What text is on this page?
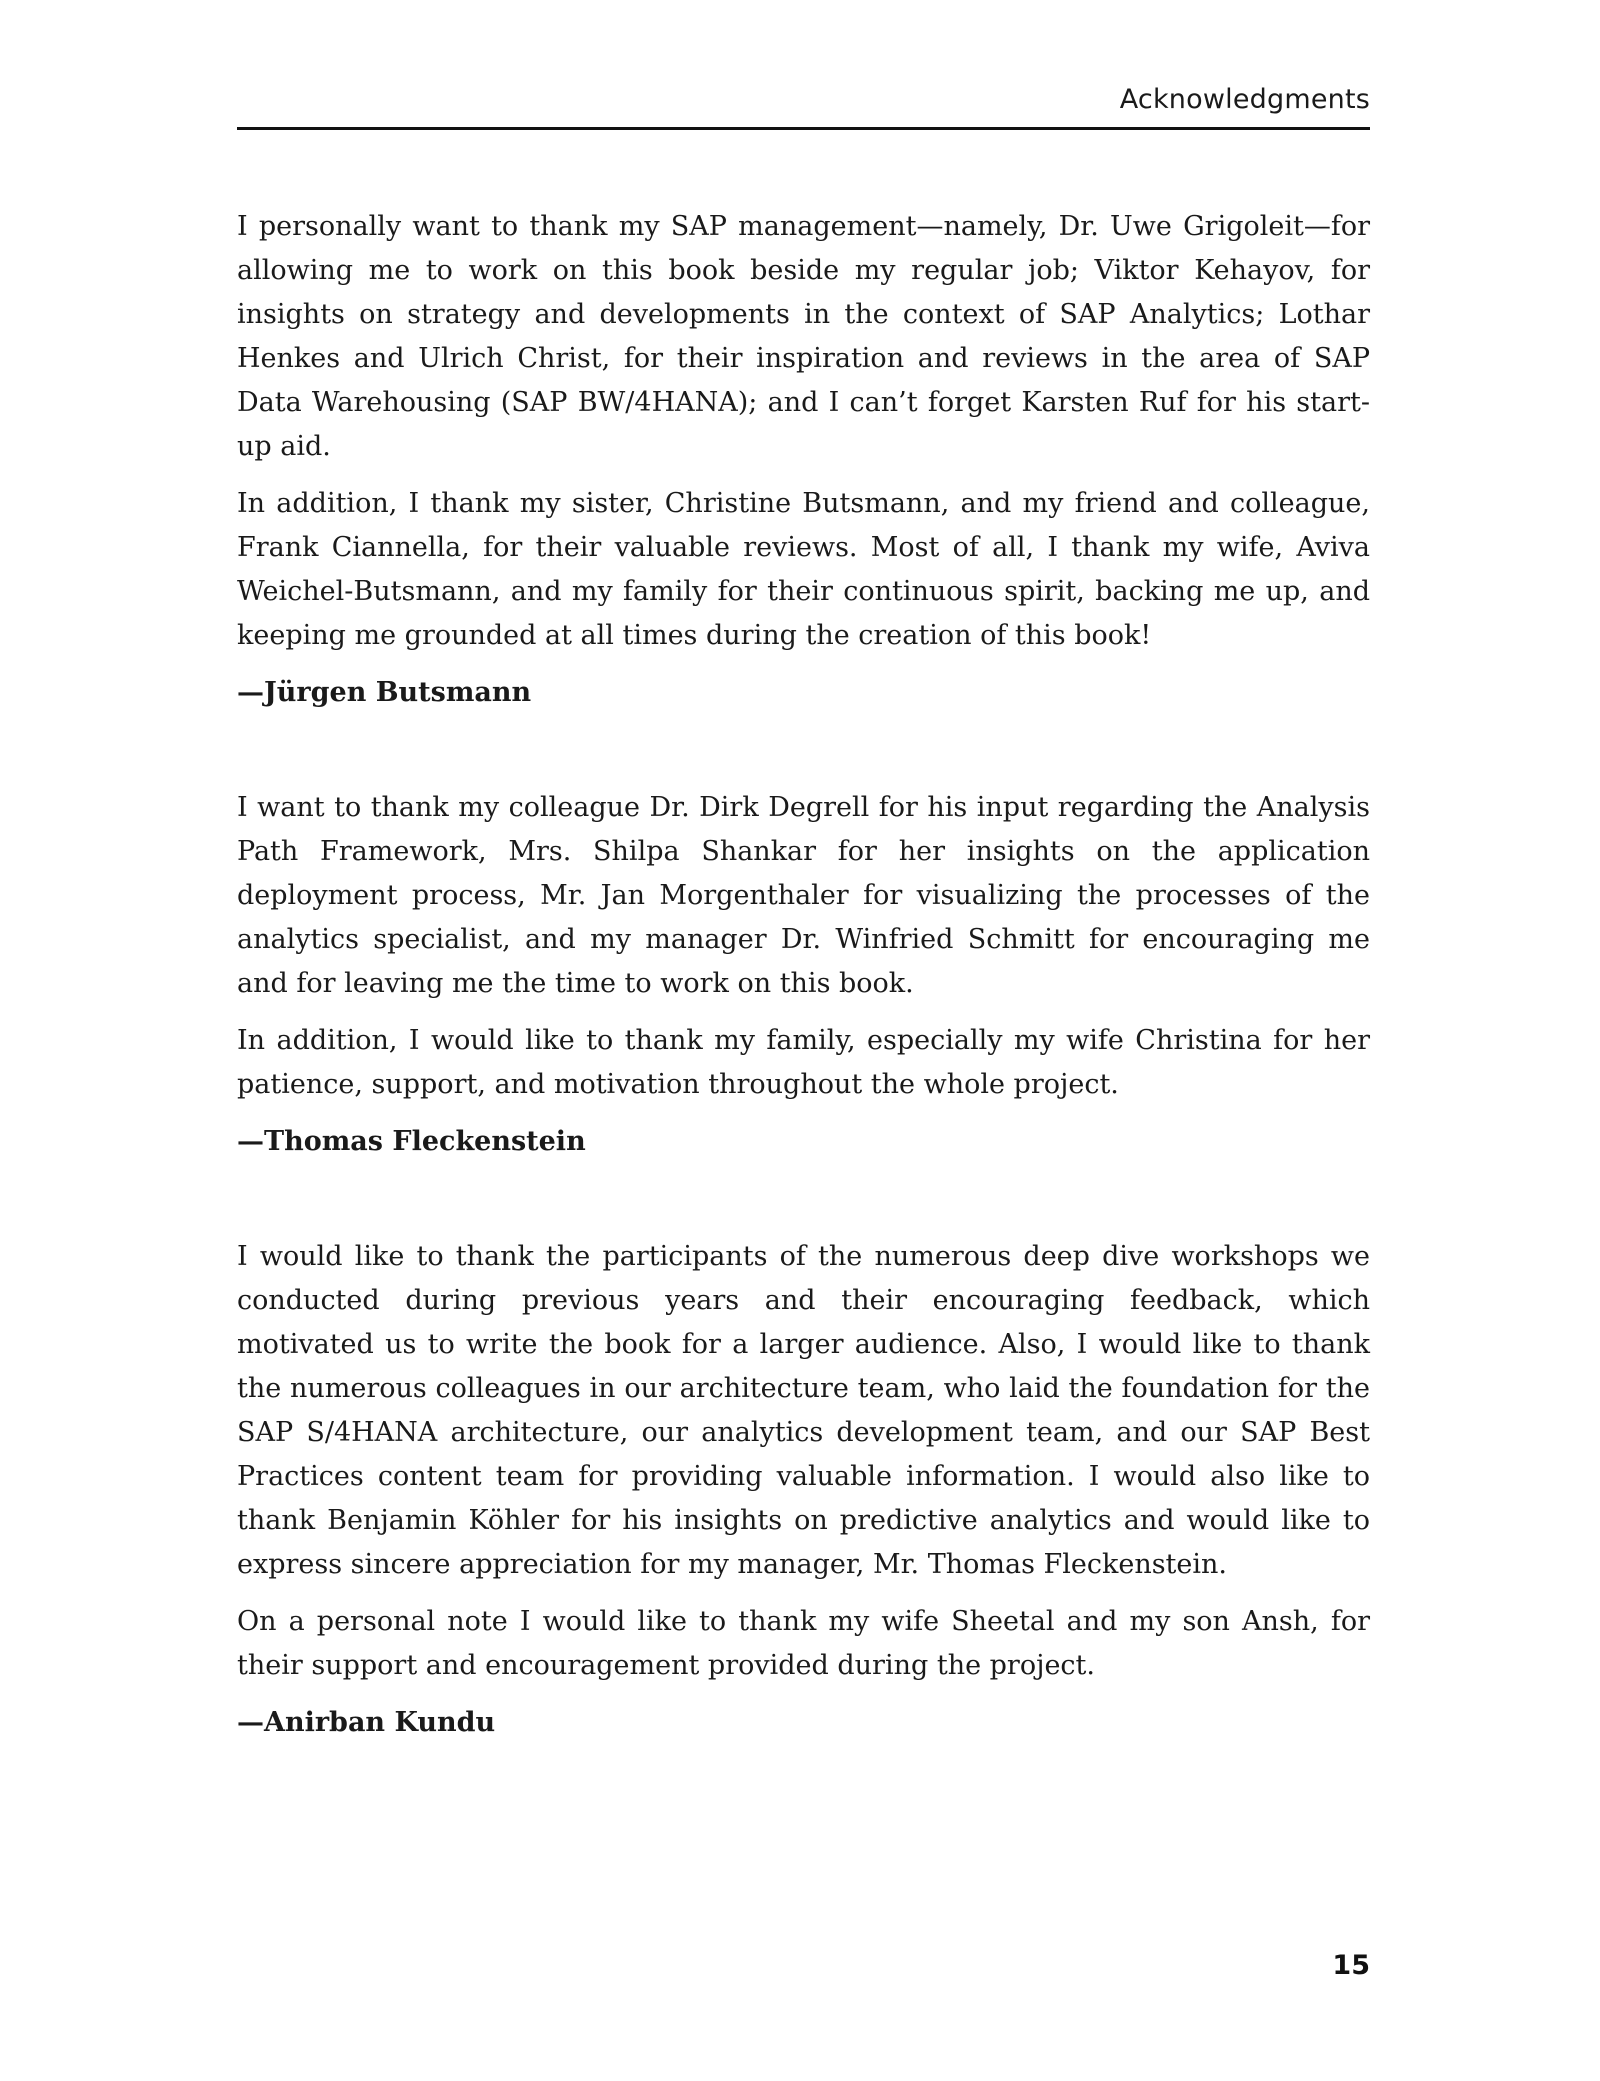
Acknowledgments

I personally want to thank my SAP management—namely, Dr. Uwe Grigoleit—for allowing me to work on this book beside my regular job; Viktor Kehayov, for insights on strategy and developments in the context of SAP Analytics; Lothar Henkes and Ulrich Christ, for their inspiration and reviews in the area of SAP Data Warehousing (SAP BW/4HANA); and I can’t forget Karsten Ruf for his start-up aid.

In addition, I thank my sister, Christine Butsmann, and my friend and colleague, Frank Ciannella, for their valuable reviews. Most of all, I thank my wife, Aviva Weichel-Butsmann, and my family for their continuous spirit, backing me up, and keeping me grounded at all times during the creation of this book!

—Jürgen Butsmann

I want to thank my colleague Dr. Dirk Degrell for his input regarding the Analysis Path Framework, Mrs. Shilpa Shankar for her insights on the application deployment process, Mr. Jan Morgenthaler for visualizing the processes of the analytics specialist, and my manager Dr. Winfried Schmitt for encouraging me and for leaving me the time to work on this book.

In addition, I would like to thank my family, especially my wife Christina for her patience, support, and motivation throughout the whole project.

—Thomas Fleckenstein

I would like to thank the participants of the numerous deep dive workshops we conducted during previous years and their encouraging feedback, which motivated us to write the book for a larger audience. Also, I would like to thank the numerous colleagues in our architecture team, who laid the foundation for the SAP S/4HANA architecture, our analytics development team, and our SAP Best Practices content team for providing valuable information. I would also like to thank Benjamin Köhler for his insights on predictive analytics and would like to express sincere appreciation for my manager, Mr. Thomas Fleckenstein.

On a personal note I would like to thank my wife Sheetal and my son Ansh, for their support and encouragement provided during the project.

—Anirban Kundu

15
